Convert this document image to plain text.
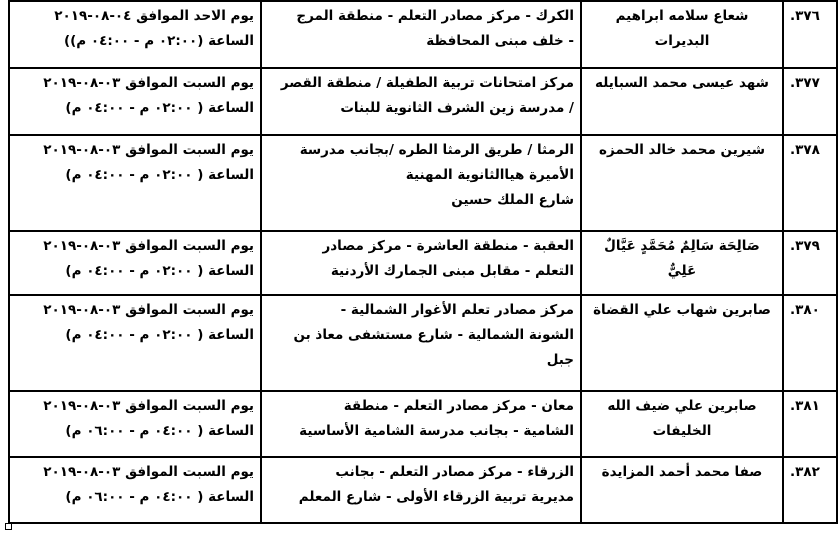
٣٧٦.	شعاع سلامه ابراهيم البديرات	الكرك - مركز مصادر التعلم - منطقة المرج
- خلف مبنى المحافظة	يوم الاحد الموافق ٠٤-٠٨-٢٠١٩
الساعة (٠٢:٠٠ م - ٠٤:٠٠ م))

٣٧٧.	شهد عيسى محمد السبايله	مركز امتحانات تربية الطفيلة / منطقة القصر
/ مدرسة زين الشرف الثانوية للبنات	يوم السبت الموافق ٠٣-٠٨-٢٠١٩
الساعة ( ٠٢:٠٠ م - ٠٤:٠٠ م)

٣٧٨.	شيرين محمد خالد الحمزه	الرمثا / طريق الرمثا الطره /بجانب مدرسة
الأميرة هياالثانوية المهنية
شارع الملك حسين	يوم السبت الموافق ٠٣-٠٨-٢٠١٩
الساعة ( ٠٢:٠٠ م - ٠٤:٠٠ م)

٣٧٩.	صَالِحَة سَالِمٌ مُحَمَّدٍ عَيَّالٌ عَلِيٌّ	العقبة - منطقة العاشرة - مركز مصادر
التعلم - مقابل مبنى الجمارك الأردنية	يوم السبت الموافق ٠٣-٠٨-٢٠١٩
الساعة ( ٠٢:٠٠ م - ٠٤:٠٠ م)

٣٨٠.	صابرين شهاب علي القضاة	مركز مصادر تعلم الأغوار الشمالية -
الشونة الشمالية - شارع مستشفى معاذ بن
جبل	يوم السبت الموافق ٠٣-٠٨-٢٠١٩
الساعة ( ٠٢:٠٠ م - ٠٤:٠٠ م)

٣٨١.	صابرين علي ضيف الله الخليفات	معان - مركز مصادر التعلم - منطقة
الشامية - بجانب مدرسة الشامية الأساسية	يوم السبت الموافق ٠٣-٠٨-٢٠١٩
الساعة ( ٠٤:٠٠ م - ٠٦:٠٠ م)

٣٨٢.	صفا محمد أحمد المزايدة	الزرقاء - مركز مصادر التعلم - بجانب
مديرية تربية الزرقاء الأولى - شارع المعلم	يوم السبت الموافق ٠٣-٠٨-٢٠١٩
الساعة ( ٠٤:٠٠ م - ٠٦:٠٠ م)
